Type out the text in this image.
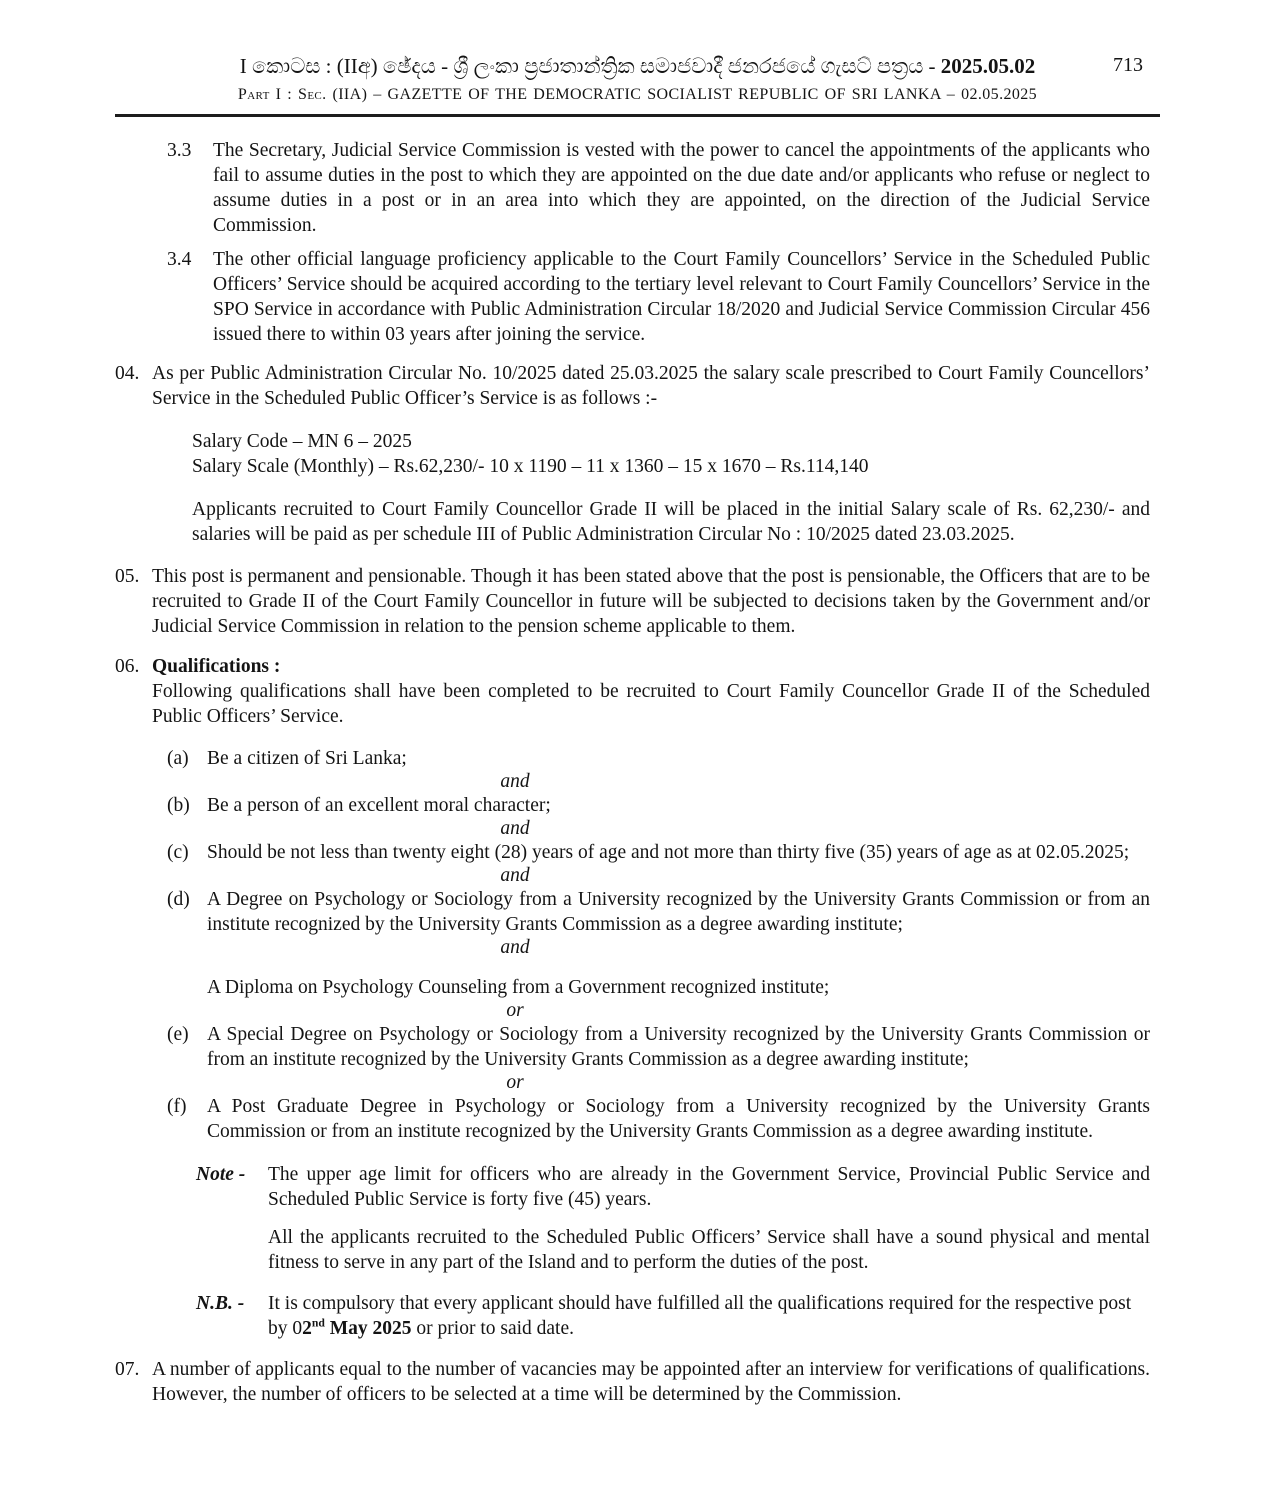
713
I කොටස : (IIඅ) ඡේදය - ශ්‍රී ලංකා ප්‍රජාතාන්ත්‍රික සමාජවාදී ජනරජයේ ගැසට් පත්‍රය - 2025.05.02
Part I : Sec. (IIA) – GAZETTE OF THE DEMOCRATIC SOCIALIST REPUBLIC OF SRI LANKA – 02.05.2025
3.3	The Secretary, Judicial Service Commission is vested with the power to cancel the appointments of the applicants who fail to assume duties in the post to which they are appointed on the due date and/or applicants who refuse or neglect to assume duties in a post or in an area into which they are appointed, on the direction of the Judicial Service Commission.

3.4	The other official language proficiency applicable to the Court Family Councellors’ Service in the Scheduled Public Officers’ Service should be acquired according to the tertiary level relevant to Court Family Councellors’ Service in the SPO Service in accordance with Public Administration Circular 18/2020 and Judicial Service Commission Circular 456 issued there to within 03 years after joining the service.

04. As per Public Administration Circular No. 10/2025 dated 25.03.2025 the salary scale prescribed to Court Family Councellors’ Service in the Scheduled Public Officer’s Service is as follows :-

Salary Code – MN 6 – 2025
Salary Scale (Monthly) – Rs.62,230/- 10 x 1190 – 11 x 1360 – 15 x 1670 – Rs.114,140

Applicants recruited to Court Family Councellor Grade II will be placed in the initial Salary scale of Rs. 62,230/- and salaries will be paid as per schedule III of Public Administration Circular No : 10/2025 dated 23.03.2025.

05. This post is permanent and pensionable. Though it has been stated above that the post is pensionable, the Officers that are to be recruited to Grade II of the Court Family Councellor in future will be subjected to decisions taken by the Government and/or Judicial Service Commission in relation to the pension scheme applicable to them.

06. Qualifications :

Following qualifications shall have been completed to be recruited to Court Family Councellor Grade II of the Scheduled Public Officers’ Service.

(a) Be a citizen of Sri Lanka;

and
(b) Be a person of an excellent moral character;

and
(c) Should be not less than twenty eight (28) years of age and not more than thirty five (35) years of age as at 02.05.2025;

and
(d) A Degree on Psychology or Sociology from a University recognized by the University Grants Commission or from an institute recognized by the University Grants Commission as a degree awarding institute;

and
A Diploma on Psychology Counseling from a Government recognized institute;
or
(e) A Special Degree on Psychology or Sociology from a University recognized by the University Grants Commission or from an institute recognized by the University Grants Commission as a degree awarding institute;

or
(f)	A Post Graduate Degree in Psychology or Sociology from a University recognized by the University Grants Commission or from an institute recognized by the University Grants Commission as a degree awarding institute.

Note -	The upper age limit for officers who are already in the Government Service, Provincial Public Service and Scheduled Public Service is forty five (45) years.

All the applicants recruited to the Scheduled Public Officers’ Service shall have a sound physical and mental fitness to serve in any part of the Island and to perform the duties of the post.

N.B. -	It is compulsory that every applicant should have fulfilled all the qualifications required for the respective post by 02nd May 2025 or prior to said date.

07. A number of applicants equal to the number of vacancies may be appointed after an interview for verifications of qualifications. However, the number of officers to be selected at a time will be determined by the Commission.
